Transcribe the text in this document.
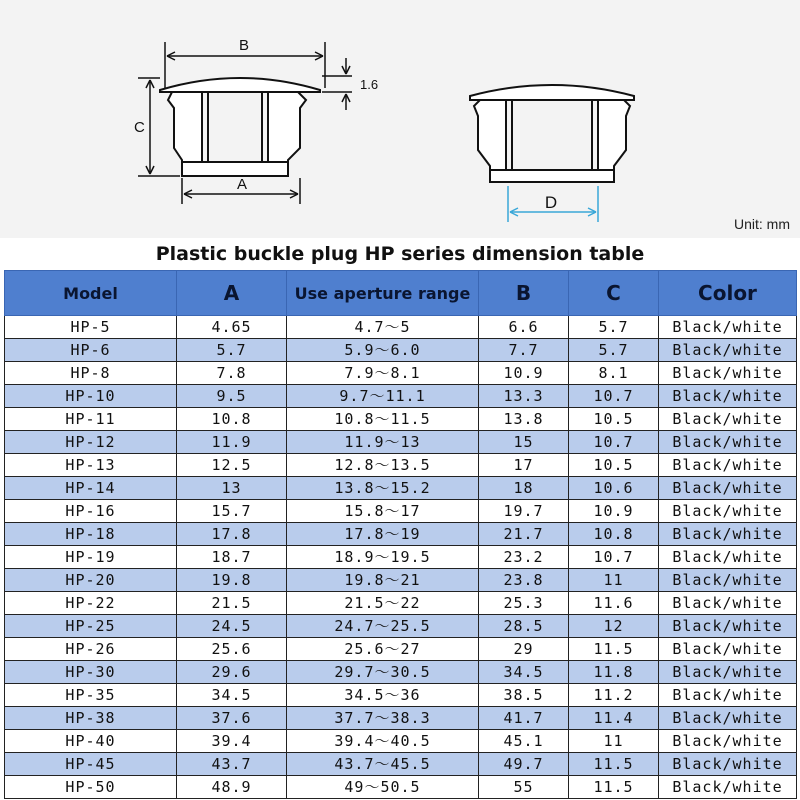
B
1.6
C
A
D
Unit: mm
Plastic buckle plug HP series dimension table
Model	A	Use aperture range	B	C	Color
HP-5	4.65	4.7～5	6.6	5.7	Black/white
HP-6	5.7	5.9～6.0	7.7	5.7	Black/white
HP-8	7.8	7.9～8.1	10.9	8.1	Black/white
HP-10	9.5	9.7～11.1	13.3	10.7	Black/white
HP-11	10.8	10.8～11.5	13.8	10.5	Black/white
HP-12	11.9	11.9～13	15	10.7	Black/white
HP-13	12.5	12.8～13.5	17	10.5	Black/white
HP-14	13	13.8～15.2	18	10.6	Black/white
HP-16	15.7	15.8～17	19.7	10.9	Black/white
HP-18	17.8	17.8～19	21.7	10.8	Black/white
HP-19	18.7	18.9～19.5	23.2	10.7	Black/white
HP-20	19.8	19.8～21	23.8	11	Black/white
HP-22	21.5	21.5～22	25.3	11.6	Black/white
HP-25	24.5	24.7～25.5	28.5	12	Black/white
HP-26	25.6	25.6～27	29	11.5	Black/white
HP-30	29.6	29.7～30.5	34.5	11.8	Black/white
HP-35	34.5	34.5～36	38.5	11.2	Black/white
HP-38	37.6	37.7～38.3	41.7	11.4	Black/white
HP-40	39.4	39.4～40.5	45.1	11	Black/white
HP-45	43.7	43.7～45.5	49.7	11.5	Black/white
HP-50	48.9	49～50.5	55	11.5	Black/white
